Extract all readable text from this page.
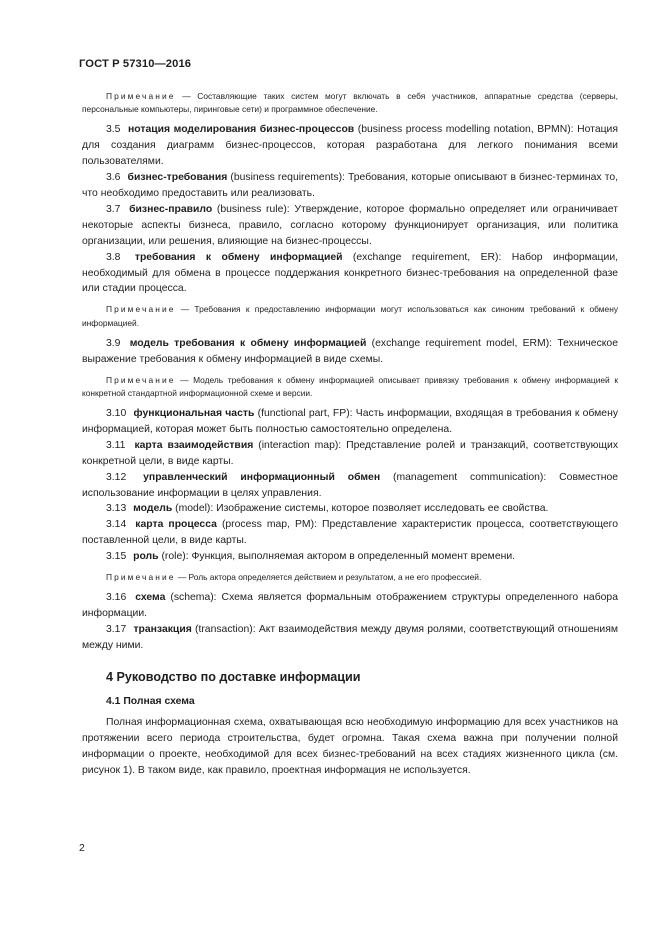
ГОСТ Р 57310—2016

Примечание — Составляющие таких систем могут включать в себя участников, аппаратные средства (серверы, персональные компьютеры, пиринговые сети) и программное обеспечение.

3.5 нотация моделирования бизнес-процессов (business process modelling notation, BPMN): Нотация для создания диаграмм бизнес-процессов, которая разработана для легкого понимания всеми пользователями.

3.6 бизнес-требования (business requirements): Требования, которые описывают в бизнес-терминах то, что необходимо предоставить или реализовать.

3.7 бизнес-правило (business rule): Утверждение, которое формально определяет или ограничивает некоторые аспекты бизнеса, правило, согласно которому функционирует организация, или политика организации, или решения, влияющие на бизнес-процессы.

3.8 требования к обмену информацией (exchange requirement, ER): Набор информации, необходимый для обмена в процессе поддержания конкретного бизнес-требования на определенной фазе или стадии процесса.

Примечание — Требования к предоставлению информации могут использоваться как синоним требований к обмену информацией.

3.9 модель требования к обмену информацией (exchange requirement model, ERM): Техническое выражение требования к обмену информацией в виде схемы.

Примечание — Модель требования к обмену информацией описывает привязку требования к обмену информацией к конкретной стандартной информационной схеме и версии.

3.10 функциональная часть (functional part, FP): Часть информации, входящая в требования к обмену информацией, которая может быть полностью самостоятельно определена.

3.11 карта взаимодействия (interaction map): Представление ролей и транзакций, соответствующих конкретной цели, в виде карты.

3.12 управленческий информационный обмен (management communication): Совместное использование информации в целях управления.

3.13 модель (model): Изображение системы, которое позволяет исследовать ее свойства.

3.14 карта процесса (process map, PM): Представление характеристик процесса, соответствующего поставленной цели, в виде карты.

3.15 роль (role): Функция, выполняемая актором в определенный момент времени.

Примечание — Роль актора определяется действием и результатом, а не его профессией.

3.16 схема (schema): Схема является формальным отображением структуры определенного набора информации.

3.17 транзакция (transaction): Акт взаимодействия между двумя ролями, соответствующий отношениям между ними.

4 Руководство по доставке информации
4.1 Полная схема

Полная информационная схема, охватывающая всю необходимую информацию для всех участников на протяжении всего периода строительства, будет огромна. Такая схема важна при получении полной информации о проекте, необходимой для всех бизнес-требований на всех стадиях жизненного цикла (см. рисунок 1). В таком виде, как правило, проектная информация не используется.

2
